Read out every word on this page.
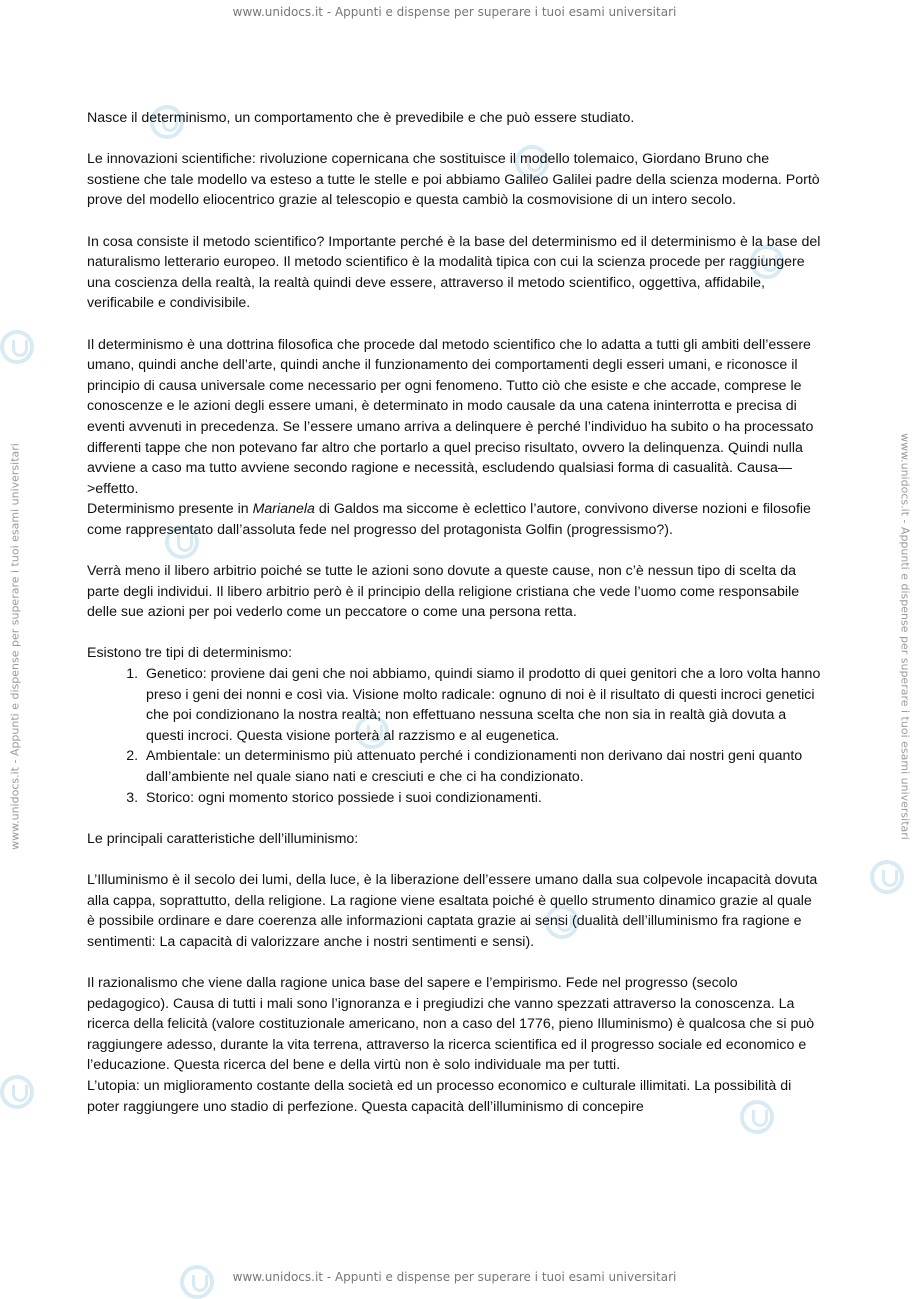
www.unidocs.it - Appunti e dispense per superare i tuoi esami universitari
www.unidocs.it - Appunti e dispense per superare i tuoi esami universitari	www.unidocs.it - Appunti e dispense per superare i tuoi esami universitari

Nasce il determinismo, un comportamento che è prevedibile e che può essere studiato.

Le innovazioni scientifiche: rivoluzione copernicana che sostituisce il modello tolemaico, Giordano Bruno che sostiene che tale modello va esteso a tutte le stelle e poi abbiamo Galileo Galilei padre della scienza moderna. Portò prove del modello eliocentrico grazie al telescopio e questa cambiò la cosmovisione di un intero secolo.

In cosa consiste il metodo scientifico? Importante perché è la base del determinismo ed il determinismo è la base del naturalismo letterario europeo. Il metodo scientifico è la modalità tipica con cui la scienza procede per raggiungere una coscienza della realtà, la realtà quindi deve essere, attraverso il metodo scientifico, oggettiva, affidabile, verificabile e condivisibile.

Il determinismo è una dottrina filosofica che procede dal metodo scientifico che lo adatta a tutti gli ambiti dell’essere umano, quindi anche dell’arte, quindi anche il funzionamento dei comportamenti degli esseri umani, e riconosce il principio di causa universale come necessario per ogni fenomeno. Tutto ciò che esiste e che accade, comprese le conoscenze e le azioni degli essere umani, è determinato in modo causale da una catena ininterrotta e precisa di eventi avvenuti in precedenza. Se l’essere umano arriva a delinquere è perché l’individuo ha subito o ha processato differenti tappe che non potevano far altro che portarlo a quel preciso risultato, ovvero la delinquenza. Quindi nulla avviene a caso ma tutto avviene secondo ragione e necessità, escludendo qualsiasi forma di casualità. Causa—>effetto.

Determinismo presente in Marianela di Galdos ma siccome è eclettico l’autore, convivono diverse nozioni e filosofie come rappresentato dall’assoluta fede nel progresso del protagonista Golfin (progressismo?).

Verrà meno il libero arbitrio poiché se tutte le azioni sono dovute a queste cause, non c’è nessun tipo di scelta da parte degli individui. Il libero arbitrio però è il principio della religione cristiana che vede l’uomo come responsabile delle sue azioni per poi vederlo come un peccatore o come una persona retta.

Esistono tre tipi di determinismo:

1. Genetico: proviene dai geni che noi abbiamo, quindi siamo il prodotto di quei genitori che a loro volta hanno preso i geni dei nonni e così via. Visione molto radicale: ognuno di noi è il risultato di questi incroci genetici che poi condizionano la nostra realtà; non effettuano nessuna scelta che non sia in realtà già dovuta a questi incroci. Questa visione porterà al razzismo e al eugenetica.
2. Ambientale: un determinismo più attenuato perché i condizionamenti non derivano dai nostri geni quanto dall’ambiente nel quale siano nati e cresciuti e che ci ha condizionato.
3. Storico: ogni momento storico possiede i suoi condizionamenti.

Le principali caratteristiche dell’illuminismo:

L’Illuminismo è il secolo dei lumi, della luce, è la liberazione dell’essere umano dalla sua colpevole incapacità dovuta alla cappa, soprattutto, della religione. La ragione viene esaltata poiché è quello strumento dinamico grazie al quale è possibile ordinare e dare coerenza alle informazioni captata grazie ai sensi (dualità dell’illuminismo fra ragione e sentimenti: La capacità di valorizzare anche i nostri sentimenti e sensi).

Il razionalismo che viene dalla ragione unica base del sapere e l’empirismo. Fede nel progresso (secolo pedagogico). Causa di tutti i mali sono l’ignoranza e i pregiudizi che vanno spezzati attraverso la conoscenza. La ricerca della felicità (valore costituzionale americano, non a caso del 1776, pieno Illuminismo) è qualcosa che si può raggiungere adesso, durante la vita terrena, attraverso la ricerca scientifica ed il progresso sociale ed economico e l’educazione. Questa ricerca del bene e della virtù non è solo individuale ma per tutti.

L’utopia: un miglioramento costante della società ed un processo economico e culturale illimitati. La possibilità di poter raggiungere uno stadio di perfezione. Questa capacità dell’illuminismo di concepire

www.unidocs.it - Appunti e dispense per superare i tuoi esami universitari
